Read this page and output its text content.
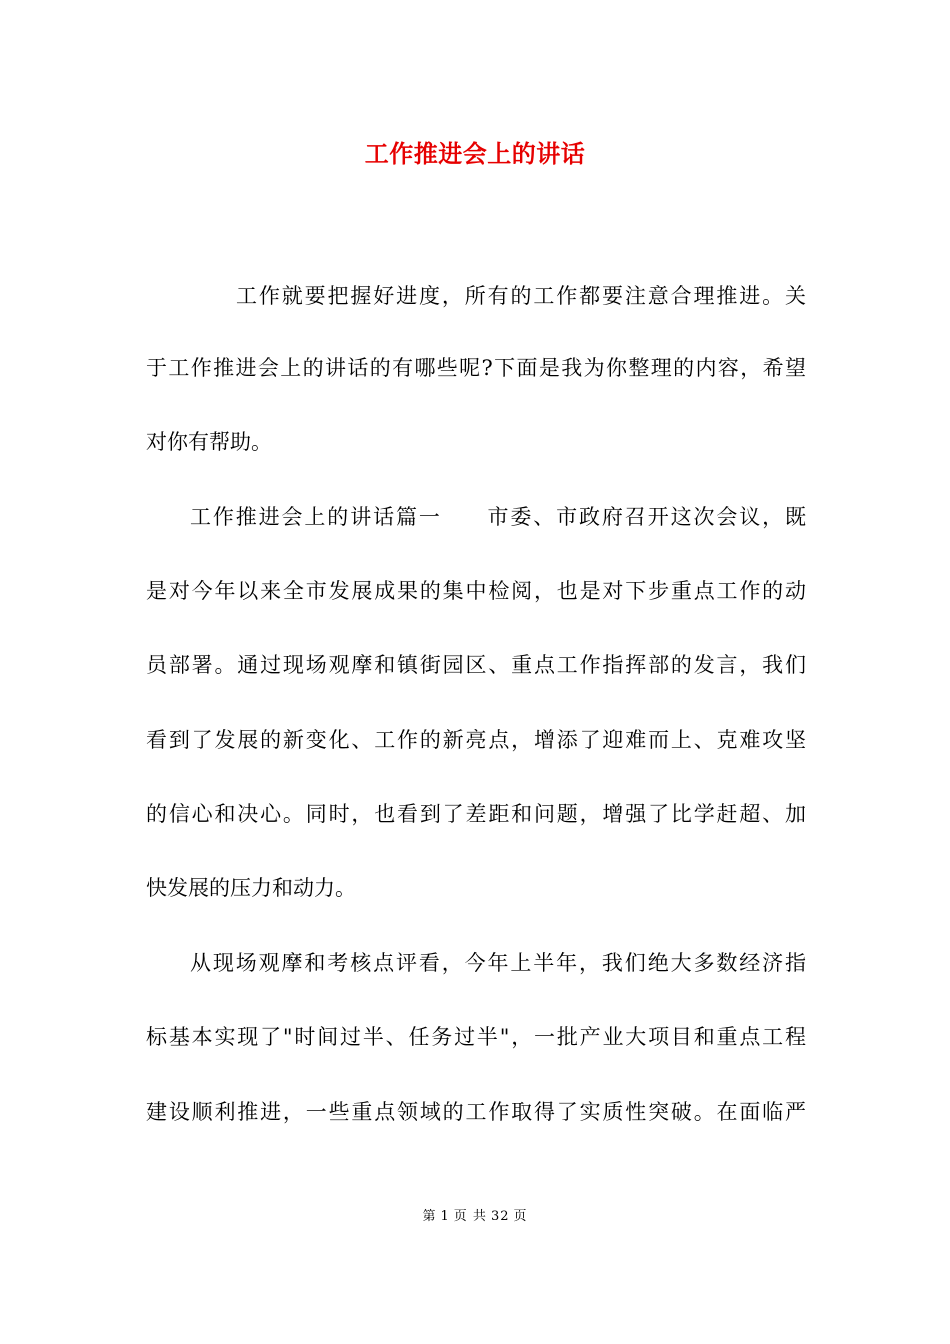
工作推进会上的讲话
工作就要把握好进度，所有的工作都要注意合理推进。关
于工作推进会上的讲话的有哪些呢?下面是我为你整理的内容，希望
对你有帮助。
工作推进会上的讲话篇一　　市委、市政府召开这次会议，既
是对今年以来全市发展成果的集中检阅，也是对下步重点工作的动
员部署。通过现场观摩和镇街园区、重点工作指挥部的发言，我们
看到了发展的新变化、工作的新亮点，增添了迎难而上、克难攻坚
的信心和决心。同时，也看到了差距和问题，增强了比学赶超、加
快发展的压力和动力。
从现场观摩和考核点评看，今年上半年，我们绝大多数经济指
标基本实现了"时间过半、任务过半"，一批产业大项目和重点工程
建设顺利推进，一些重点领域的工作取得了实质性突破。在面临严
第 1 页 共 32 页
